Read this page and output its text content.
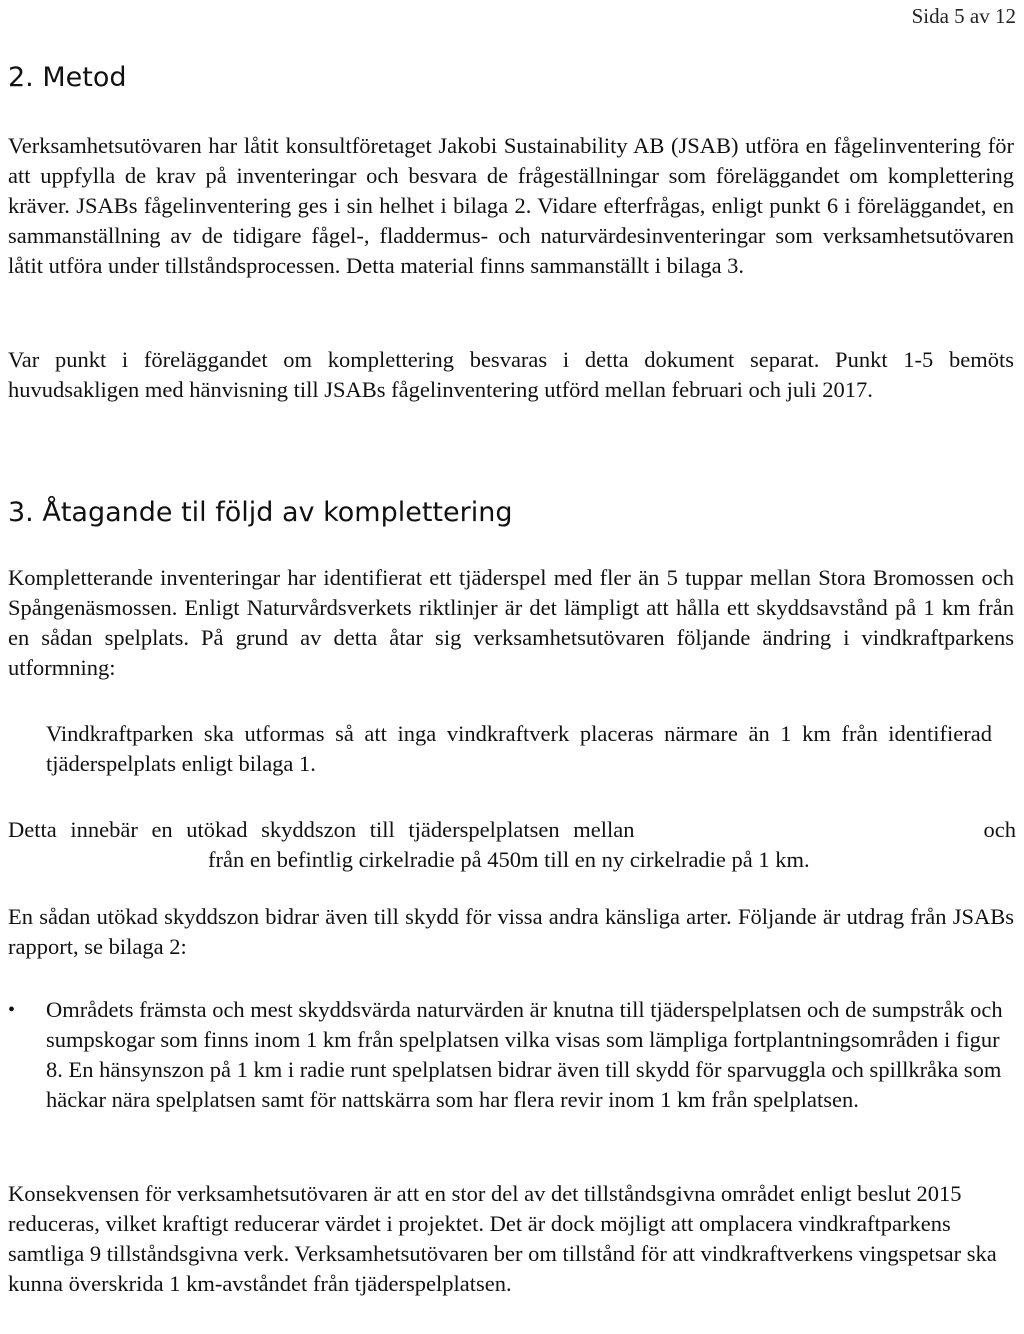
Sida 5 av 12
2. Metod

Verksamhetsutövaren har låtit konsultföretaget Jakobi Sustainability AB (JSAB) utföra en fågelinventering för att uppfylla de krav på inventeringar och besvara de frågeställningar som föreläggandet om komplettering kräver. JSABs fågelinventering ges i sin helhet i bilaga 2. Vidare efterfrågas, enligt punkt 6 i föreläggandet, en sammanställning av de tidigare fågel-, fladdermus- och naturvärdesinventeringar som verksamhetsutövaren låtit utföra under tillståndsprocessen. Detta material finns sammanställt i bilaga 3.

Var punkt i föreläggandet om komplettering besvaras i detta dokument separat. Punkt 1-5 bemöts huvudsakligen med hänvisning till JSABs fågelinventering utförd mellan februari och juli 2017.

3. Åtagande til följd av komplettering

Kompletterande inventeringar har identifierat ett tjäderspel med fler än 5 tuppar mellan Stora Bromossen och Spångenäsmossen. Enligt Naturvårdsverkets riktlinjer är det lämpligt att hålla ett skyddsavstånd på 1 km från en sådan spelplats. På grund av detta åtar sig verksamhetsutövaren följande ändring i vindkraftparkens utformning:

Vindkraftparken ska utformas så att inga vindkraftverk placeras närmare än 1 km från identifierad tjäderspelplats enligt bilaga 1.

Detta innebär en utökad skyddszon till tjäderspelplatsen mellan	och
från en befintlig cirkelradie på 450m till en ny cirkelradie på 1 km.

En sådan utökad skyddszon bidrar även till skydd för vissa andra känsliga arter. Följande är utdrag från JSABs rapport, se bilaga 2:

• Områdets främsta och mest skyddsvärda naturvärden är knutna till tjäderspelplatsen och de sumpstråk och sumpskogar som finns inom 1 km från spelplatsen vilka visas som lämpliga fortplantningsområden i figur 8. En hänsynszon på 1 km i radie runt spelplatsen bidrar även till skydd för sparvuggla och spillkråka som häckar nära spelplatsen samt för nattskärra som har flera revir inom 1 km från spelplatsen.

Konsekvensen för verksamhetsutövaren är att en stor del av det tillståndsgivna området enligt beslut 2015 reduceras, vilket kraftigt reducerar värdet i projektet. Det är dock möjligt att omplacera vindkraftparkens samtliga 9 tillståndsgivna verk. Verksamhetsutövaren ber om tillstånd för att vindkraftverkens vingspetsar ska kunna överskrida 1 km-avståndet från tjäderspelplatsen.
